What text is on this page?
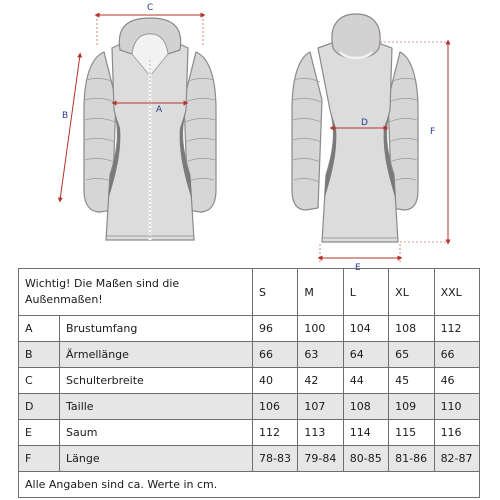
C
A
B
D
E
F
Wichtig! Die Maßen sind die Außenmaßen!		S	M	L	XL	XXL
A	Brustumfang	96	100	104	108	112
B	Ärmellänge	66	63	64	65	66
C	Schulterbreite	40	42	44	45	46
D	Taille	106	107	108	109	110
E	Saum	112	113	114	115	116
F	Länge	78-83	79-84	80-85	81-86	82-87
Alle Angaben sind ca. Werte in cm.						
